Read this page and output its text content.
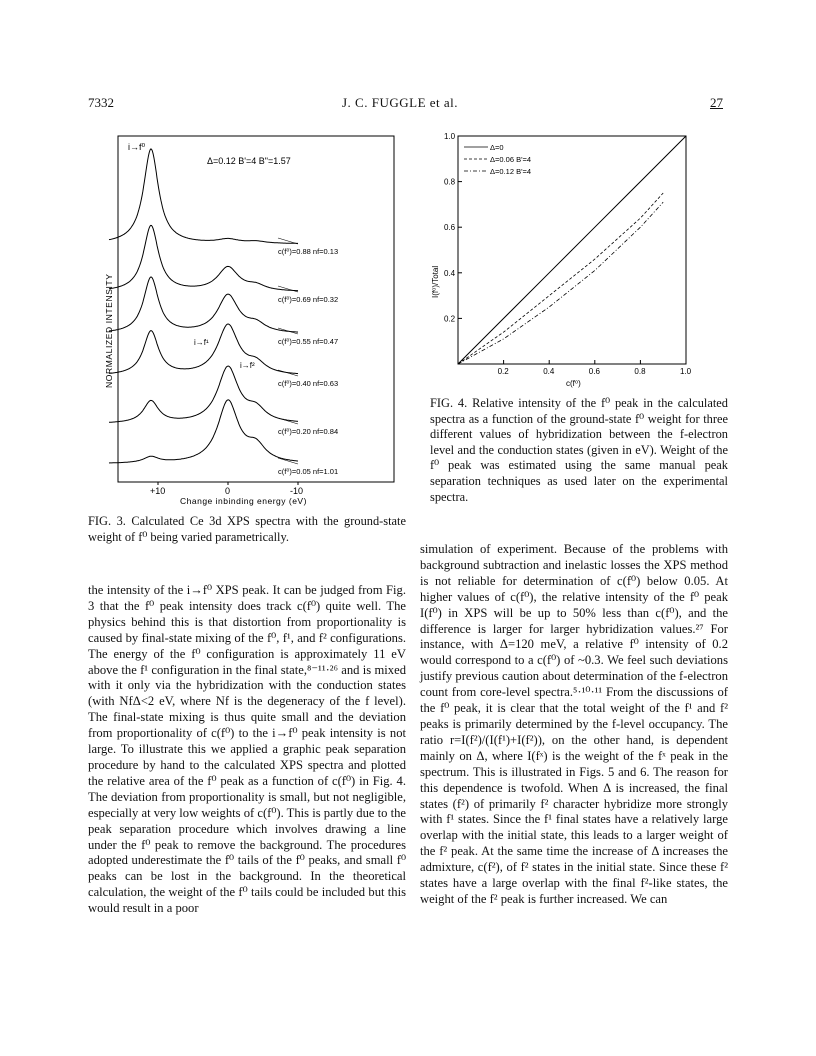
7332	J. C. FUGGLE et al.	27
Δ=0.12 B'=4 B"=1.57
i→f⁰
i→f¹
i→f²
NORMALIZED INTENSITY
c(f⁰)=0.88 nf=0.13
c(f⁰)=0.69 nf=0.32
c(f⁰)=0.55 nf=0.47
c(f⁰)=0.40 nf=0.63
c(f⁰)=0.20 nf=0.84
c(f⁰)=0.05 nf=1.01
+10	0	-10
Change inbinding energy (eV)
FIG. 3. Calculated Ce 3d XPS spectra with the ground-state weight of f⁰ being varied parametrically.
0.2	0.4	0.6	0.8	1.0
0.2
0.4
0.6
0.8
1.0
Δ=0
Δ=0.06 B'=4
Δ=0.12 B'=4
I(f⁰)/Total
c(f⁰)
FIG. 4. Relative intensity of the f⁰ peak in the calculated spectra as a function of the ground-state f⁰ weight for three different values of hybridization between the f-electron level and the conduction states (given in eV). Weight of the f⁰ peak was estimated using the same manual peak separation techniques as used later on the experimental spectra.

the intensity of the i→f⁰ XPS peak. It can be judged from Fig. 3 that the f⁰ peak intensity does track c(f⁰) quite well. The physics behind this is that distortion from proportionality is caused by final-state mixing of the f⁰, f¹, and f² configurations. The energy of the f⁰ configuration is approximately 11 eV above the f¹ configuration in the final state,⁸⁻¹¹·²⁶ and is mixed with it only via the hybridization with the conduction states (with NfΔ<2 eV, where Nf is the degeneracy of the f level). The final-state mixing is thus quite small and the deviation from proportionality of c(f⁰) to the i→f⁰ peak intensity is not large. To illustrate this we applied a graphic peak separation procedure by hand to the calculated XPS spectra and plotted the relative area of the f⁰ peak as a function of c(f⁰) in Fig. 4. The deviation from proportionality is small, but not negligible, especially at very low weights of c(f⁰). This is partly due to the peak separation procedure which involves drawing a line under the f⁰ peak to remove the background. The procedures adopted underestimate the f⁰ tails of the f⁰ peaks, and small f⁰ peaks can be lost in the background. In the theoretical calculation, the weight of the f⁰ tails could be included but this would result in a poor

simulation of experiment. Because of the problems with background subtraction and inelastic losses the XPS method is not reliable for determination of c(f⁰) below 0.05. At higher values of c(f⁰), the relative intensity of the f⁰ peak I(f⁰) in XPS will be up to 50% less than c(f⁰), and the difference is larger for larger hybridization values.²⁷ For instance, with Δ=120 meV, a relative f⁰ intensity of 0.2 would correspond to a c(f⁰) of ~0.3. We feel such deviations justify previous caution about determination of the f-electron count from core-level spectra.⁵·¹⁰·¹¹ From the discussions of the f⁰ peak, it is clear that the total weight of the f¹ and f² peaks is primarily determined by the f-level occupancy. The ratio r=I(f²)/(I(f¹)+I(f²)), on the other hand, is dependent mainly on Δ, where I(fˣ) is the weight of the fˣ peak in the spectrum. This is illustrated in Figs. 5 and 6. The reason for this dependence is twofold. When Δ is increased, the final states (f²) of primarily f² character hybridize more strongly with f¹ states. Since the f¹ final states have a relatively large overlap with the initial state, this leads to a larger weight of the f² peak. At the same time the increase of Δ increases the admixture, c(f²), of f² states in the initial state. Since these f² states have a large overlap with the final f²-like states, the weight of the f² peak is further increased. We can
